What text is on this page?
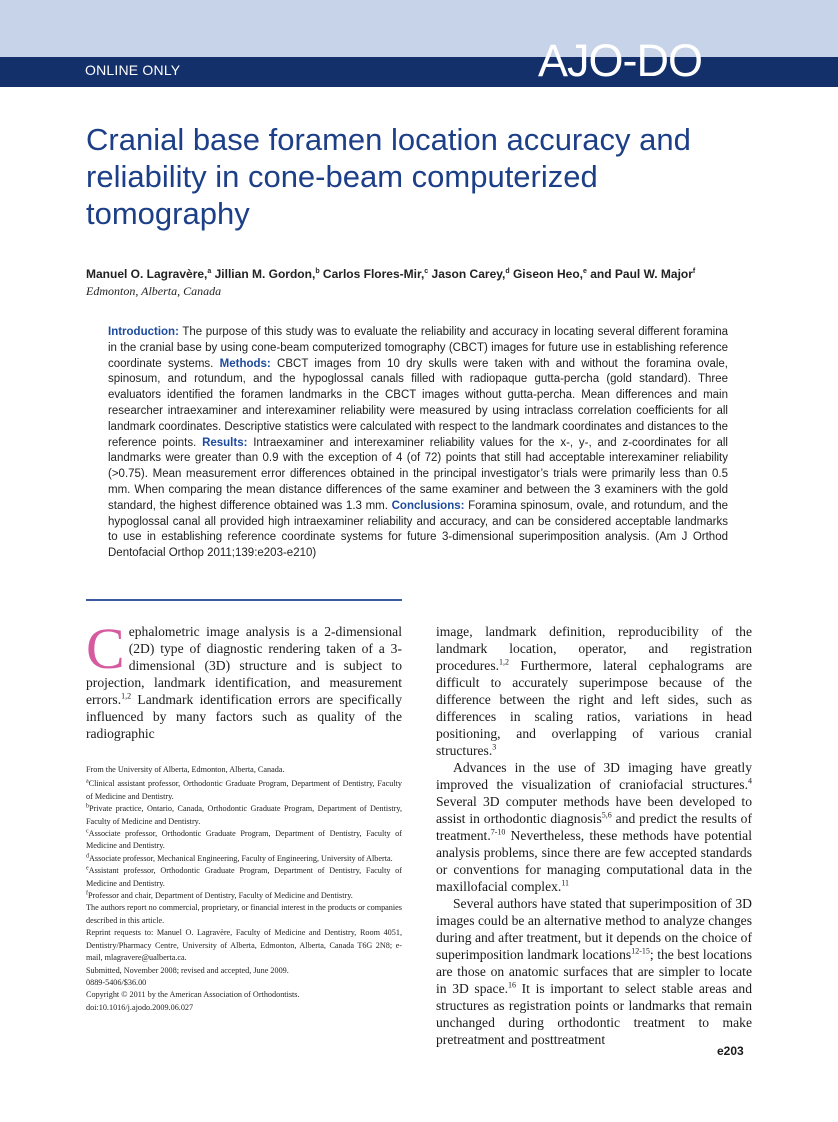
ONLINE ONLY	AJO-DO
Cranial base foramen location accuracy and reliability in cone-beam computerized tomography
Manuel O. Lagravère,$^a$ Jillian M. Gordon,$^b$ Carlos Flores-Mir,$^c$ Jason Carey,$^d$ Giseon Heo,$^e$ and Paul W. Major$^f$
Edmonton, Alberta, Canada
Introduction: The purpose of this study was to evaluate the reliability and accuracy in locating several different foramina in the cranial base by using cone-beam computerized tomography (CBCT) images for future use in establishing reference coordinate systems. Methods: CBCT images from 10 dry skulls were taken with and without the foramina ovale, spinosum, and rotundum, and the hypoglossal canals filled with radiopaque gutta-percha (gold standard). Three evaluators identified the foramen landmarks in the CBCT images without gutta-percha. Mean differences and main researcher intraexaminer and interexaminer reliability were measured by using intraclass correlation coefficients for all landmark coordinates. Descriptive statistics were calculated with respect to the landmark coordinates and distances to the reference points. Results: Intraexaminer and interexaminer reliability values for the x-, y-, and z-coordinates for all landmarks were greater than 0.9 with the exception of 4 (of 72) points that still had acceptable interexaminer reliability (>0.75). Mean measurement error differences obtained in the principal investigator’s trials were primarily less than 0.5 mm. When comparing the mean distance differences of the same examiner and between the 3 examiners with the gold standard, the highest difference obtained was 1.3 mm. Conclusions: Foramina spinosum, ovale, and rotundum, and the hypoglossal canal all provided high intraexaminer reliability and accuracy, and can be considered acceptable landmarks to use in establishing reference coordinate systems for future 3-dimensional superimposition analysis. (Am J Orthod Dentofacial Orthop 2011;139:e203-e210)

Cephalometric image analysis is a 2-dimensional (2D) type of diagnostic rendering taken of a 3-dimensional (3D) structure and is subject to projection, landmark identification, and measurement errors.$^{1,2}$ Landmark identification errors are specifically influenced by many factors such as quality of the radiographic

From the University of Alberta, Edmonton, Alberta, Canada.

$^a$Clinical assistant professor, Orthodontic Graduate Program, Department of Dentistry, Faculty of Medicine and Dentistry.

$^b$Private practice, Ontario, Canada, Orthodontic Graduate Program, Department of Dentistry, Faculty of Medicine and Dentistry.

$^c$Associate professor, Orthodontic Graduate Program, Department of Dentistry, Faculty of Medicine and Dentistry.

$^d$Associate professor, Mechanical Engineering, Faculty of Engineering, University of Alberta.

$^e$Assistant professor, Orthodontic Graduate Program, Department of Dentistry, Faculty of Medicine and Dentistry.

$^f$Professor and chair, Department of Dentistry, Faculty of Medicine and Dentistry.

The authors report no commercial, proprietary, or financial interest in the products or companies described in this article.

Reprint requests to: Manuel O. Lagravère, Faculty of Medicine and Dentistry, Room 4051, Dentistry/Pharmacy Centre, University of Alberta, Edmonton, Alberta, Canada T6G 2N8; e-mail, mlagravere@ualberta.ca.

Submitted, November 2008; revised and accepted, June 2009.

0889-5406/$36.00

Copyright © 2011 by the American Association of Orthodontists.

doi:10.1016/j.ajodo.2009.06.027

image, landmark definition, reproducibility of the landmark location, operator, and registration procedures.$^{1,2}$ Furthermore, lateral cephalograms are difficult to accurately superimpose because of the difference between the right and left sides, such as differences in scaling ratios, variations in head positioning, and overlapping of various cranial structures.$^3$

Advances in the use of 3D imaging have greatly improved the visualization of craniofacial structures.$^4$ Several 3D computer methods have been developed to assist in orthodontic diagnosis$^{5,6}$ and predict the results of treatment.$^{7-10}$ Nevertheless, these methods have potential analysis problems, since there are few accepted standards or conventions for managing computational data in the maxillofacial complex.$^{11}$

Several authors have stated that superimposition of 3D images could be an alternative method to analyze changes during and after treatment, but it depends on the choice of superimposition landmark locations$^{12-15}$; the best locations are those on anatomic surfaces that are simpler to locate in 3D space.$^{16}$ It is important to select stable areas and structures as registration points or landmarks that remain unchanged during orthodontic treatment to make pretreatment and posttreatment

e203
